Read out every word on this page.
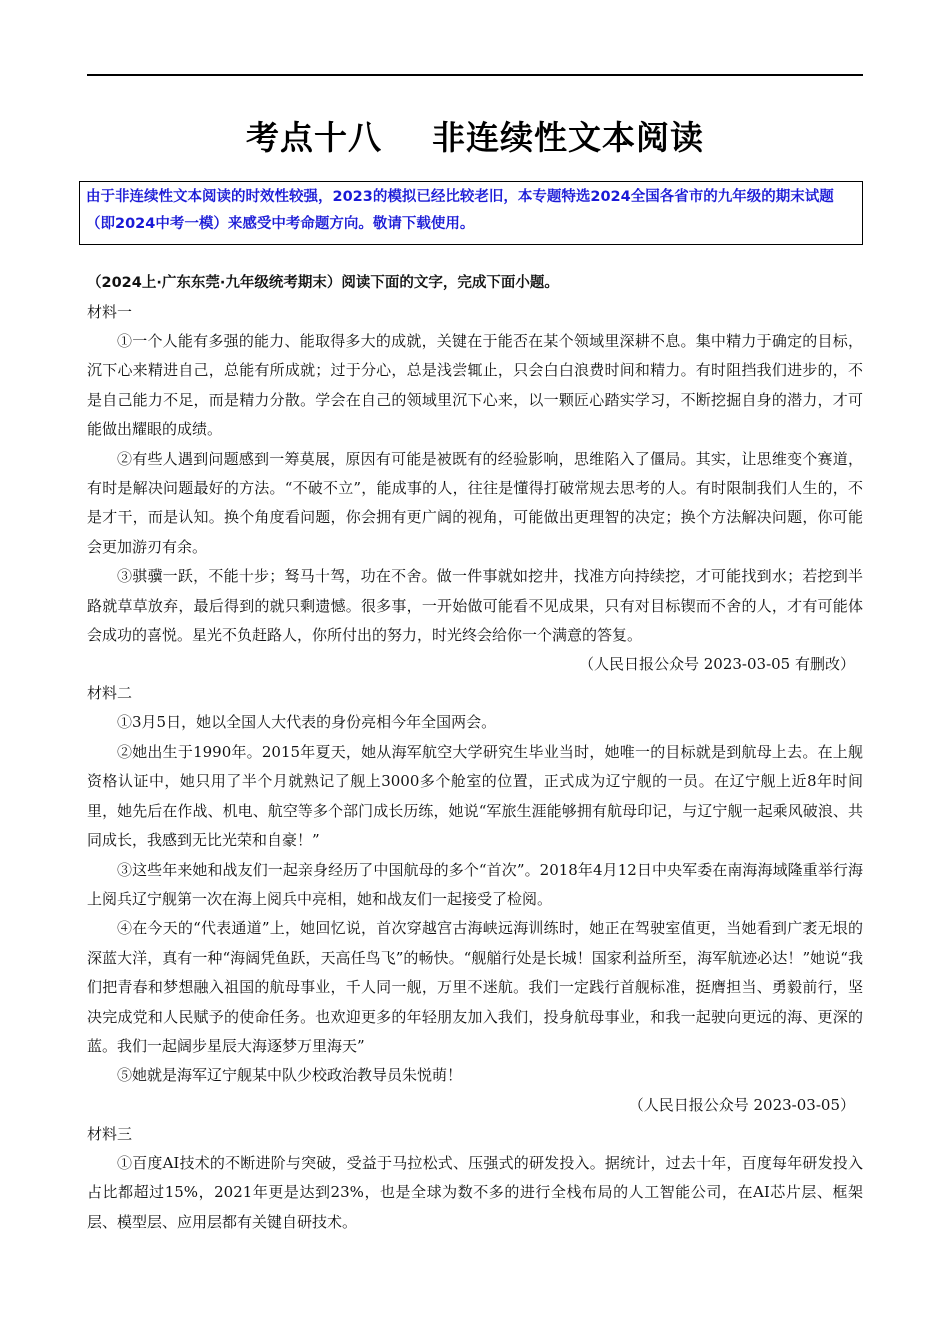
考点十八    非连续性文本阅读

由于非连续性文本阅读的时效性较强，2023的模拟已经比较老旧，本专题特选2024全国各省市的九年级的期末试题（即2024中考一模）来感受中考命题方向。敬请下载使用。

（2024上·广东东莞·九年级统考期末）阅读下面的文字，完成下面小题。

材料一

①一个人能有多强的能力、能取得多大的成就，关键在于能否在某个领域里深耕不息。集中精力于确定的目标，沉下心来精进自己，总能有所成就；过于分心，总是浅尝辄止，只会白白浪费时间和精力。有时阻挡我们进步的，不是自己能力不足，而是精力分散。学会在自己的领域里沉下心来，以一颗匠心踏实学习，不断挖掘自身的潜力，才可能做出耀眼的成绩。

②有些人遇到问题感到一筹莫展，原因有可能是被既有的经验影响，思维陷入了僵局。其实，让思维变个赛道，有时是解决问题最好的方法。“不破不立”，能成事的人，往往是懂得打破常规去思考的人。有时限制我们人生的，不是才干，而是认知。换个角度看问题，你会拥有更广阔的视角，可能做出更理智的决定；换个方法解决问题，你可能会更加游刃有余。

③骐骥一跃，不能十步；驽马十驾，功在不舍。做一件事就如挖井，找准方向持续挖，才可能找到水；若挖到半路就草草放弃，最后得到的就只剩遗憾。很多事，一开始做可能看不见成果，只有对目标锲而不舍的人，才有可能体会成功的喜悦。星光不负赶路人，你所付出的努力，时光终会给你一个满意的答复。

（人民日报公众号 2023-03-05 有删改）

材料二

①3月5日，她以全国人大代表的身份亮相今年全国两会。

②她出生于1990年。2015年夏天，她从海军航空大学研究生毕业当时，她唯一的目标就是到航母上去。在上舰资格认证中，她只用了半个月就熟记了舰上3000多个舱室的位置，正式成为辽宁舰的一员。在辽宁舰上近8年时间里，她先后在作战、机电、航空等多个部门成长历练，她说“军旅生涯能够拥有航母印记，与辽宁舰一起乘风破浪、共同成长，我感到无比光荣和自豪！”

③这些年来她和战友们一起亲身经历了中国航母的多个“首次”。2018年4月12日中央军委在南海海域隆重举行海上阅兵辽宁舰第一次在海上阅兵中亮相，她和战友们一起接受了检阅。

④在今天的“代表通道”上，她回忆说，首次穿越宫古海峡远海训练时，她正在驾驶室值更，当她看到广袤无垠的深蓝大洋，真有一种“海阔凭鱼跃，天高任鸟飞”的畅快。“舰艏行处是长城！国家利益所至，海军航迹必达！”她说“我们把青春和梦想融入祖国的航母事业，千人同一舰，万里不迷航。我们一定践行首舰标准，挺膺担当、勇毅前行，坚决完成党和人民赋予的使命任务。也欢迎更多的年轻朋友加入我们，投身航母事业，和我一起驶向更远的海、更深的蓝。我们一起阔步星辰大海逐梦万里海天”

⑤她就是海军辽宁舰某中队少校政治教导员朱悦萌！

（人民日报公众号 2023-03-05）

材料三

①百度AI技术的不断进阶与突破，受益于马拉松式、压强式的研发投入。据统计，过去十年，百度每年研发投入占比都超过15%，2021年更是达到23%，也是全球为数不多的进行全栈布局的人工智能公司，在AI芯片层、框架层、模型层、应用层都有关键自研技术。
